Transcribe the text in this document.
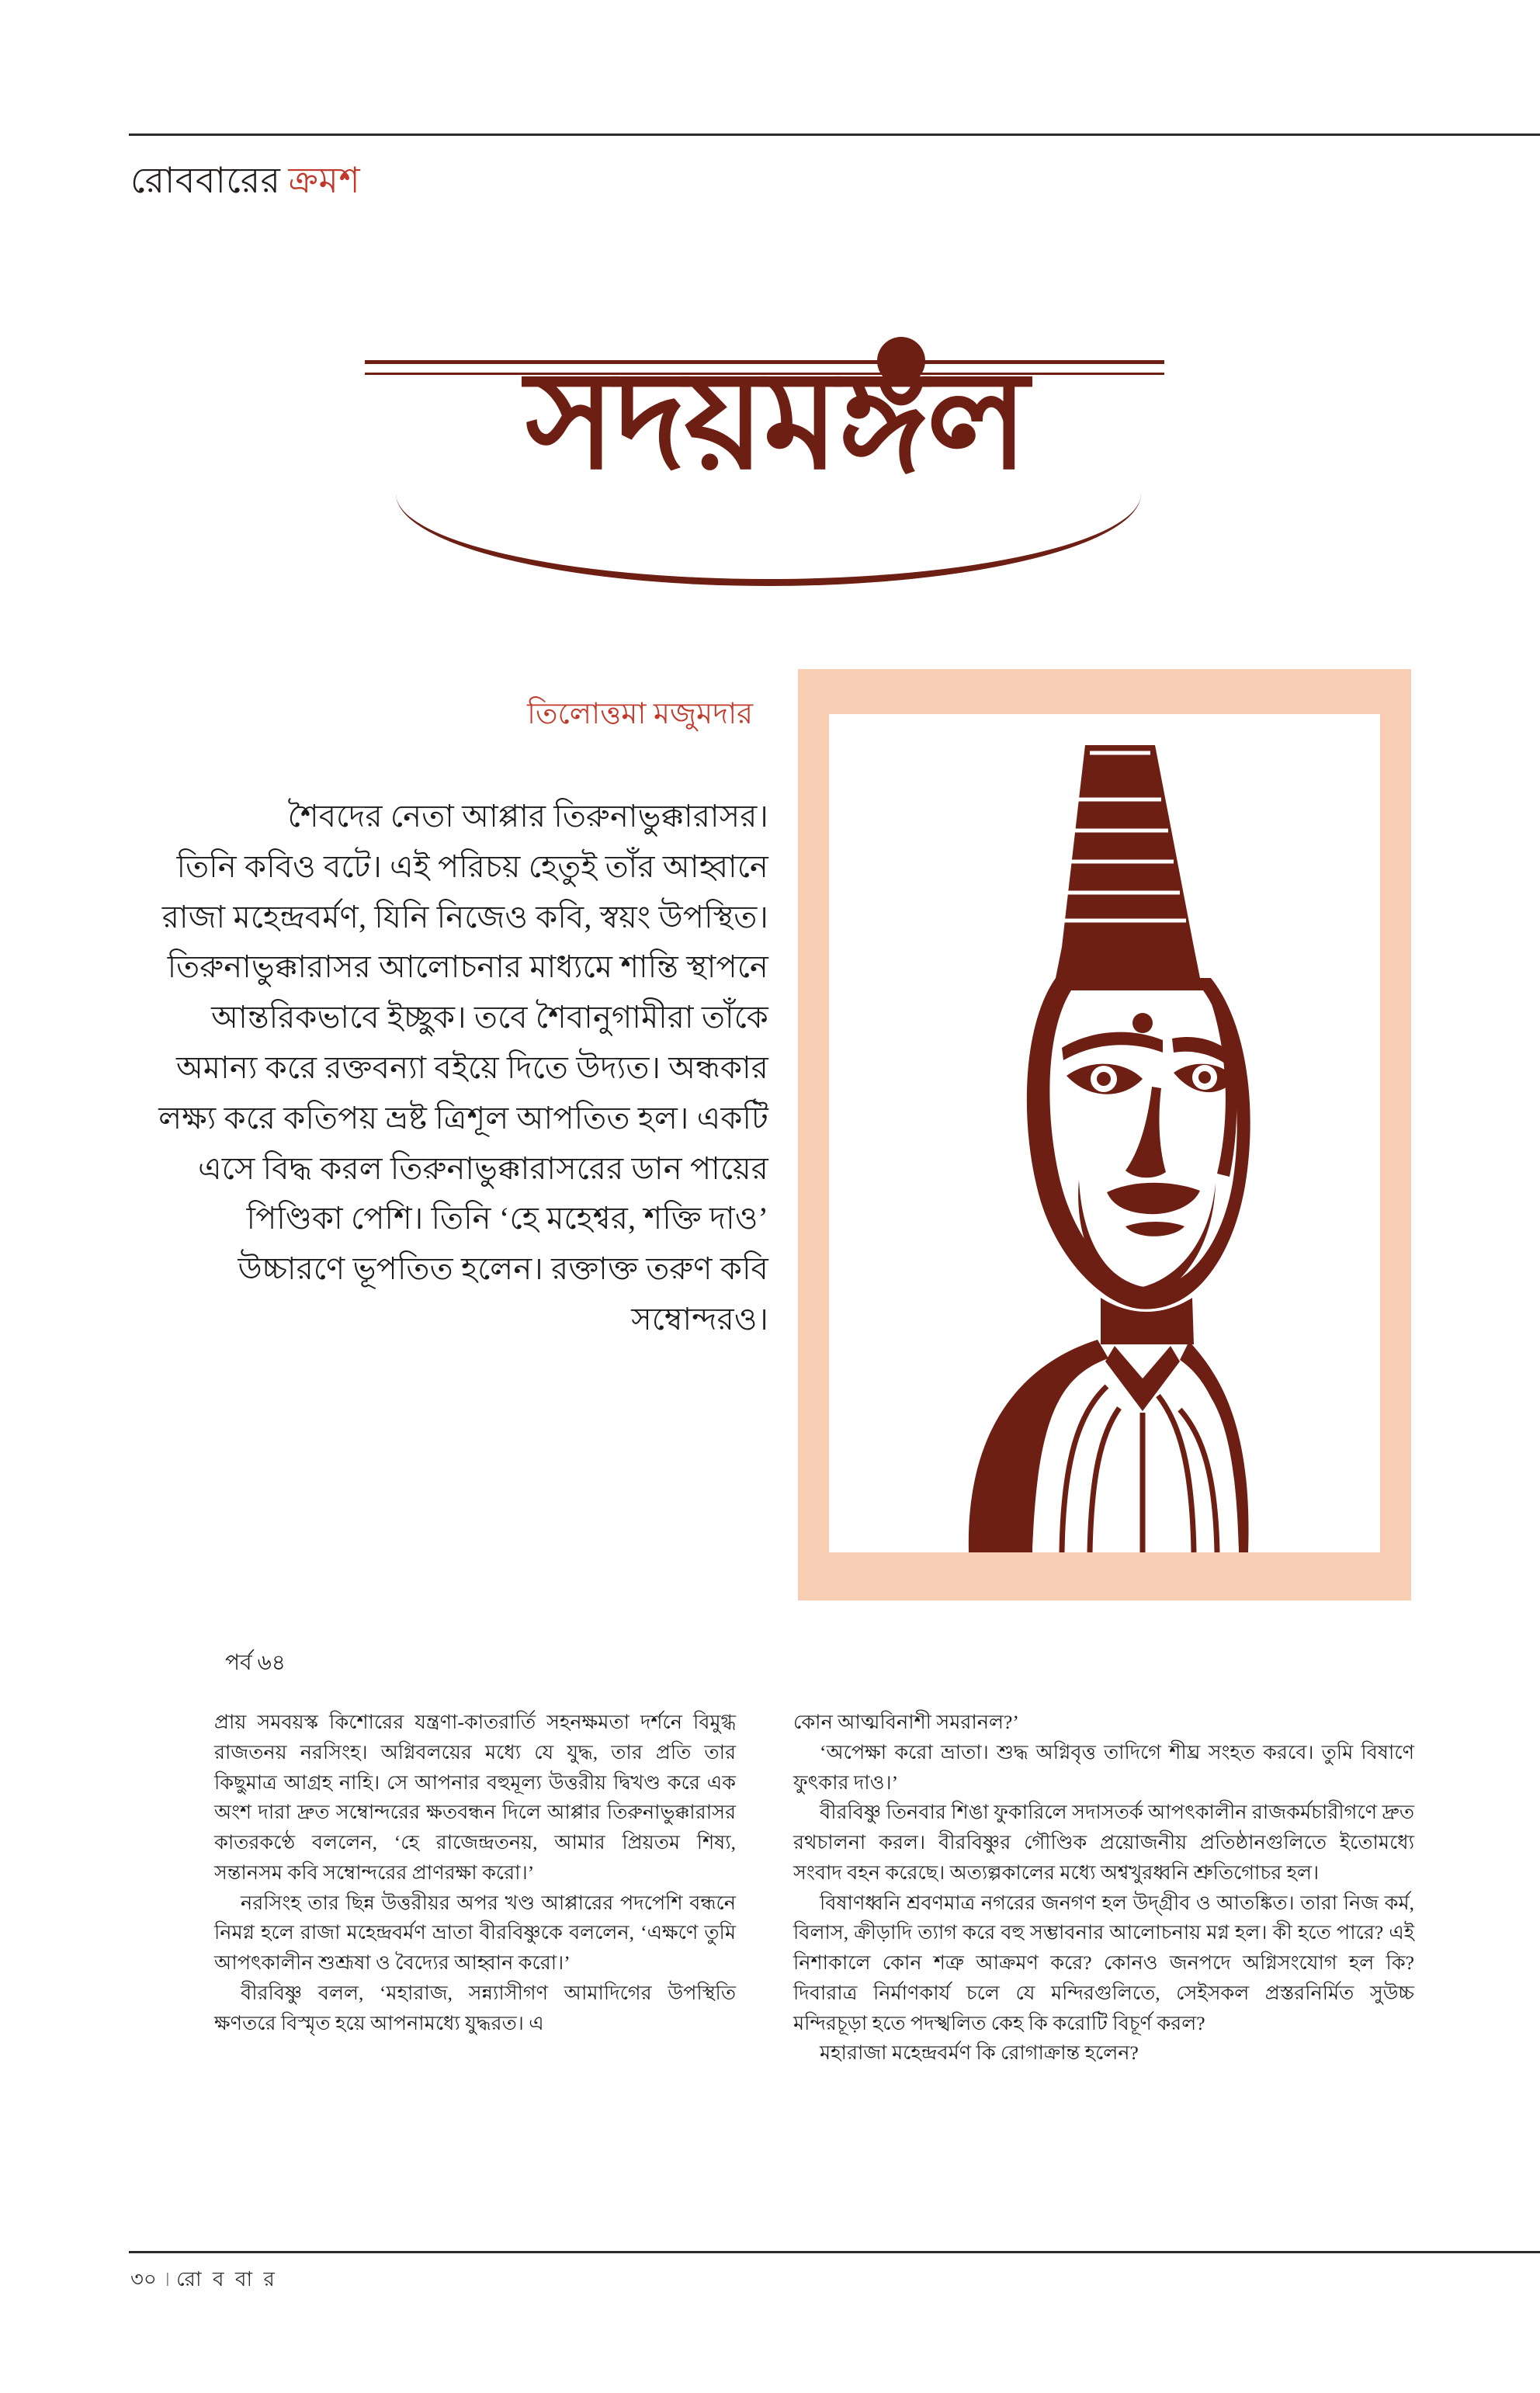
রোববারের ক্রমশ
সদয়মঙ্গল
তিলোত্তমা মজুমদার
শৈবদের নেতা আপ্পার তিরুনাভুক্কারাসর। তিনি কবিও বটে। এই পরিচয় হেতুই তাঁর আহ্বানে রাজা মহেন্দ্রবর্মণ, যিনি নিজেও কবি, স্বয়ং উপস্থিত। তিরুনাভুক্কারাসর আলোচনার মাধ্যমে শান্তি স্থাপনে আন্তরিকভাবে ইচ্ছুক। তবে শৈবানুগামীরা তাঁকে অমান্য করে রক্তবন্যা বইয়ে দিতে উদ্যত। অন্ধকার লক্ষ্য করে কতিপয় ভ্রষ্ট ত্রিশূল আপতিত হল। একটি এসে বিদ্ধ করল তিরুনাভুক্কারাসরের ডান পায়ের পিণ্ডিকা পেশি। তিনি ‘হে মহেশ্বর, শক্তি দাও’ উচ্চারণে ভূপতিত হলেন। রক্তাক্ত তরুণ কবি সম্বোন্দরও।
পর্ব ৬৪

প্রায় সমবয়স্ক কিশোরের যন্ত্রণা-কাতরার্তি সহনক্ষমতা দর্শনে বিমুগ্ধ রাজতনয় নরসিংহ। অগ্নিবলয়ের মধ্যে যে যুদ্ধ, তার প্রতি তার কিছুমাত্র আগ্রহ নাহি। সে আপনার বহুমূল্য উত্তরীয় দ্বিখণ্ড করে এক অংশ দারা দ্রুত সম্বোন্দরের ক্ষতবন্ধন দিলে আপ্পার তিরুনাভুক্কারাসর কাতরকণ্ঠে বললেন, ‘হে রাজেন্দ্রতনয়, আমার প্রিয়তম শিষ্য, সন্তানসম কবি সম্বোন্দরের প্রাণরক্ষা করো।’

নরসিংহ তার ছিন্ন উত্তরীয়র অপর খণ্ড আপ্পারের পদপেশি বন্ধনে নিমগ্ন হলে রাজা মহেন্দ্রবর্মণ ভ্রাতা বীরবিষ্ণুকে বললেন, ‘এক্ষণে তুমি আপৎকালীন শুশ্রূষা ও বৈদ্যের আহ্বান করো।’

বীরবিষ্ণু বলল, ‘মহারাজ, সন্ন্যাসীগণ আমাদিগের উপস্থিতি ক্ষণতরে বিস্মৃত হয়ে আপনামধ্যে যুদ্ধরত। এ

কোন আত্মবিনাশী সমরানল?’

‘অপেক্ষা করো ভ্রাতা। শুদ্ধ অগ্নিবৃত্ত তাদিগে শীঘ্র সংহত করবে। তুমি বিষাণে ফুৎকার দাও।’

বীরবিষ্ণু তিনবার শিঙা ফুকারিলে সদাসতর্ক আপৎকালীন রাজকর্মচারীগণে দ্রুত রথচালনা করল। বীরবিষ্ণুর গৌণ্ডিক প্রয়োজনীয় প্রতিষ্ঠানগুলিতে ইতোমধ্যে সংবাদ বহন করেছে। অত্যল্পকালের মধ্যে অশ্বখুরধ্বনি শ্রুতিগোচর হল।

বিষাণধ্বনি শ্রবণমাত্র নগরের জনগণ হল উদ্‌গ্রীব ও আতঙ্কিত। তারা নিজ কর্ম, বিলাস, ক্রীড়াদি ত্যাগ করে বহু সম্ভাবনার আলোচনায় মগ্ন হল। কী হতে পারে? এই নিশাকালে কোন শত্রু আক্রমণ করে? কোনও জনপদে অগ্নিসংযোগ হল কি? দিবারাত্র নির্মাণকার্য চলে যে মন্দিরগুলিতে, সেইসকল প্রস্তরনির্মিত সুউচ্চ মন্দিরচূড়া হতে পদস্খলিত কেহ কি করোটি বিচূর্ণ করল?

মহারাজা মহেন্দ্রবর্মণ কি রোগাক্রান্ত হলেন?

৩০ । রো ব বা র
